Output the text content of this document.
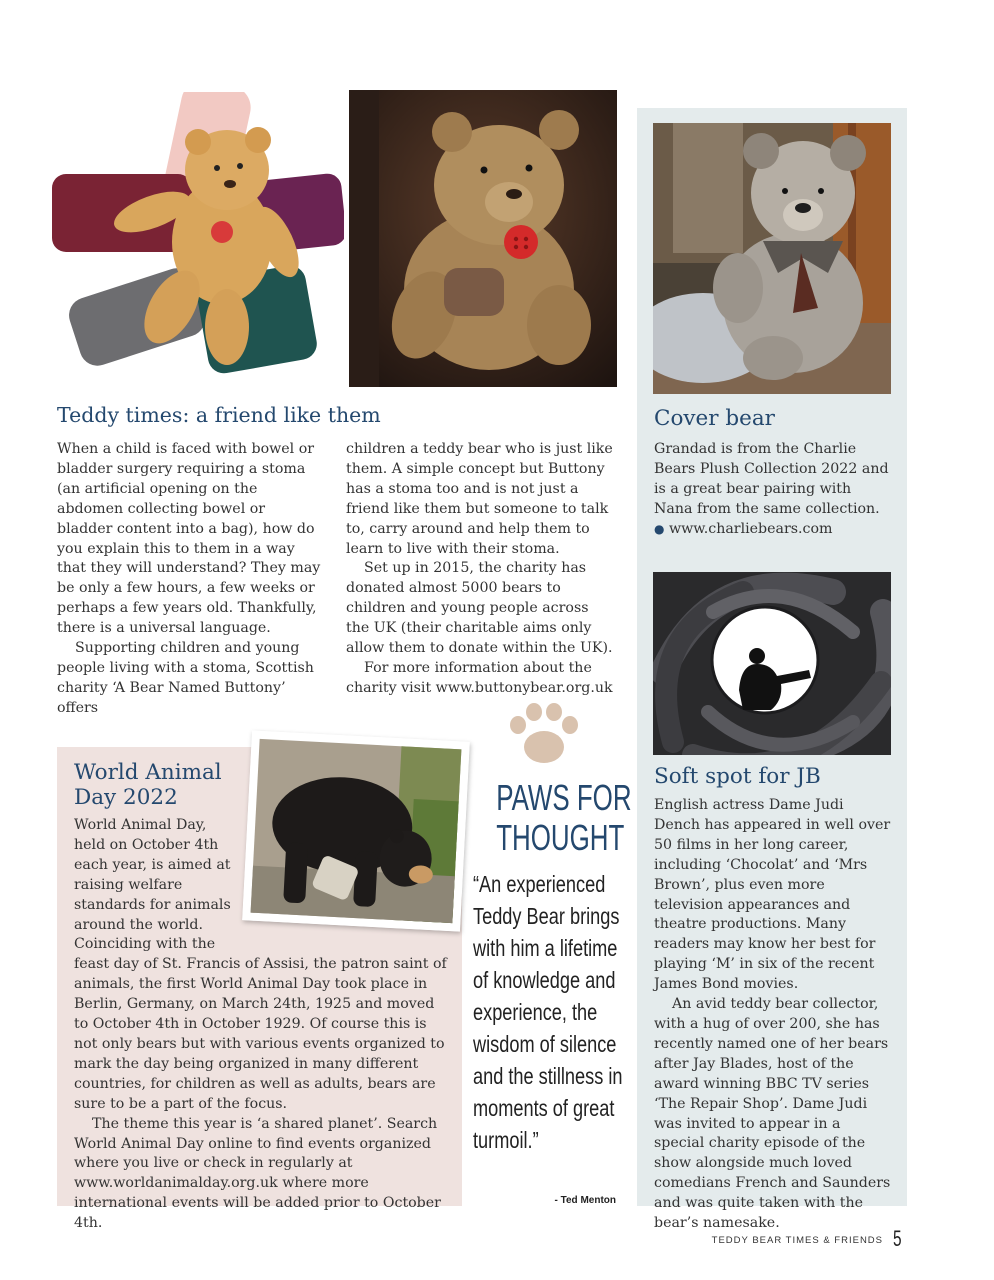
Teddy times: a friend like them

When a child is faced with bowel or bladder surgery requiring a stoma (an artificial opening on the abdomen collecting bowel or bladder content into a bag), how do you explain this to them in a way that they will understand? They may be only a few hours, a few weeks or perhaps a few years old. Thankfully, there is a universal language.

Supporting children and young people living with a stoma, Scottish charity ‘A Bear Named Buttony’ offers

children a teddy bear who is just like them. A simple concept but Buttony has a stoma too and is not just a friend like them but someone to talk to, carry around and help them to learn to live with their stoma.

Set up in 2015, the charity has donated almost 5000 bears to children and young people across the UK (their charitable aims only allow them to donate within the UK).

For more information about the charity visit www.buttonybear.org.uk

Cover bear

Grandad is from the Charlie Bears Plush Collection 2022 and is a great bear pairing with Nana from the same collection.

● www.charliebears.com

Soft spot for JB

English actress Dame Judi Dench has appeared in well over 50 films in her long career, including ‘Chocolat’ and ‘Mrs Brown’, plus even more television appearances and theatre productions. Many readers may know her best for playing ‘M’ in six of the recent James Bond movies.

An avid teddy bear collector, with a hug of over 200, she has recently named one of her bears after Jay Blades, host of the award winning BBC TV series ‘The Repair Shop’. Dame Judi was invited to appear in a special charity episode of the show alongside much loved comedians French and Saunders and was quite taken with the bear’s namesake.

World Animal
Day 2022

World Animal Day, held on October 4th each year, is aimed at raising welfare standards for animals around the world. Coinciding with the feast day of St. Francis of Assisi, the patron saint of animals, the first World Animal Day took place in Berlin, Germany, on March 24th, 1925 and moved to October 4th in October 1929. Of course this is not only bears but with various events organized to mark the day being organized in many different countries, for children as well as adults, bears are sure to be a part of the focus.

The theme this year is ‘a shared planet’. Search World Animal Day online to find events organized where you live or check in regularly at www.worldanimalday.org.uk where more international events will be added prior to October 4th.

PAWS FOR
THOUGHT
“An experienced Teddy Bear brings with him a lifetime of knowledge and experience, the wisdom of silence and the stillness in moments of great turmoil.”
- Ted Menton
TEDDY BEAR TIMES & FRIENDS 5
